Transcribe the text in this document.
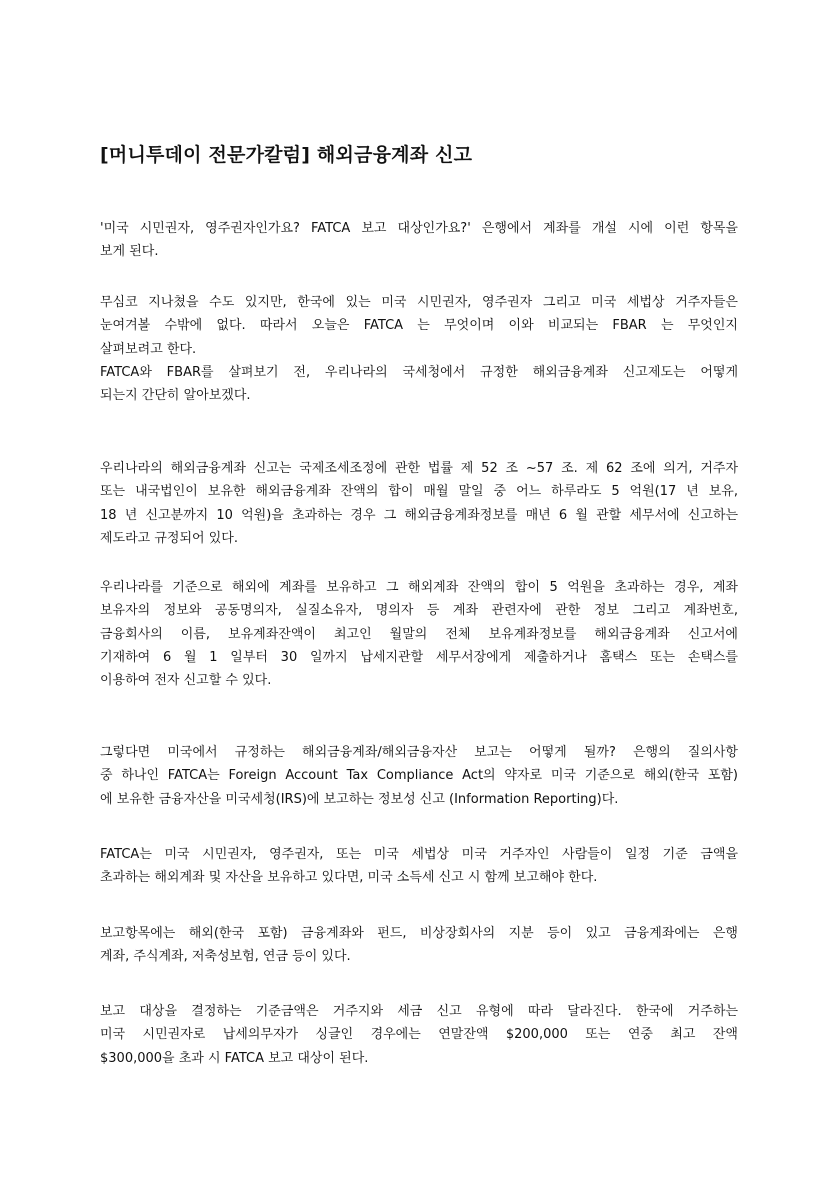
[머니투데이 전문가칼럼] 해외금융계좌 신고
'미국 시민권자, 영주권자인가요? FATCA 보고 대상인가요?' 은행에서 계좌를 개설 시에 이런 항목을
보게 된다.
무심코 지나쳤을 수도 있지만, 한국에 있는 미국 시민권자, 영주권자 그리고 미국 세법상 거주자들은
눈여겨볼 수밖에 없다. 따라서 오늘은 FATCA 는 무엇이며 이와 비교되는 FBAR 는 무엇인지
살펴보려고 한다.
FATCA와 FBAR를 살펴보기 전, 우리나라의 국세청에서 규정한 해외금융계좌 신고제도는 어떻게
되는지 간단히 알아보겠다.
우리나라의 해외금융계좌 신고는 국제조세조정에 관한 법률 제 52 조 ~57 조. 제 62 조에 의거, 거주자
또는 내국법인이 보유한 해외금융계좌 잔액의 합이 매월 말일 중 어느 하루라도 5 억원(17 년 보유,
18 년 신고분까지 10 억원)을 초과하는 경우 그 해외금융계좌정보를 매년 6 월 관할 세무서에 신고하는
제도라고 규정되어 있다.
우리나라를 기준으로 해외에 계좌를 보유하고 그 해외계좌 잔액의 합이 5 억원을 초과하는 경우, 계좌
보유자의 정보와 공동명의자, 실질소유자, 명의자 등 계좌 관련자에 관한 정보 그리고 계좌번호,
금융회사의 이름, 보유계좌잔액이 최고인 월말의 전체 보유계좌정보를 해외금융계좌 신고서에
기재하여 6 월 1 일부터 30 일까지 납세지관할 세무서장에게 제출하거나 홈택스 또는 손택스를
이용하여 전자 신고할 수 있다.
그렇다면 미국에서 규정하는 해외금융계좌/해외금융자산 보고는 어떻게 될까? 은행의 질의사항
중 하나인 FATCA는 Foreign Account Tax Compliance Act의 약자로 미국 기준으로 해외(한국 포함)
에 보유한 금융자산을 미국세청(IRS)에 보고하는 정보성 신고 (Information Reporting)다.
FATCA는 미국 시민권자, 영주권자, 또는 미국 세법상 미국 거주자인 사람들이 일정 기준 금액을
초과하는 해외계좌 및 자산을 보유하고 있다면, 미국 소득세 신고 시 함께 보고해야 한다.
보고항목에는 해외(한국 포함) 금융계좌와 펀드, 비상장회사의 지분 등이 있고 금융계좌에는 은행
계좌, 주식계좌, 저축성보험, 연금 등이 있다.
보고 대상을 결정하는 기준금액은 거주지와 세금 신고 유형에 따라 달라진다. 한국에 거주하는
미국 시민권자로 납세의무자가 싱글인 경우에는 연말잔액 $200,000 또는 연중 최고 잔액
$300,000을 초과 시 FATCA 보고 대상이 된다.
